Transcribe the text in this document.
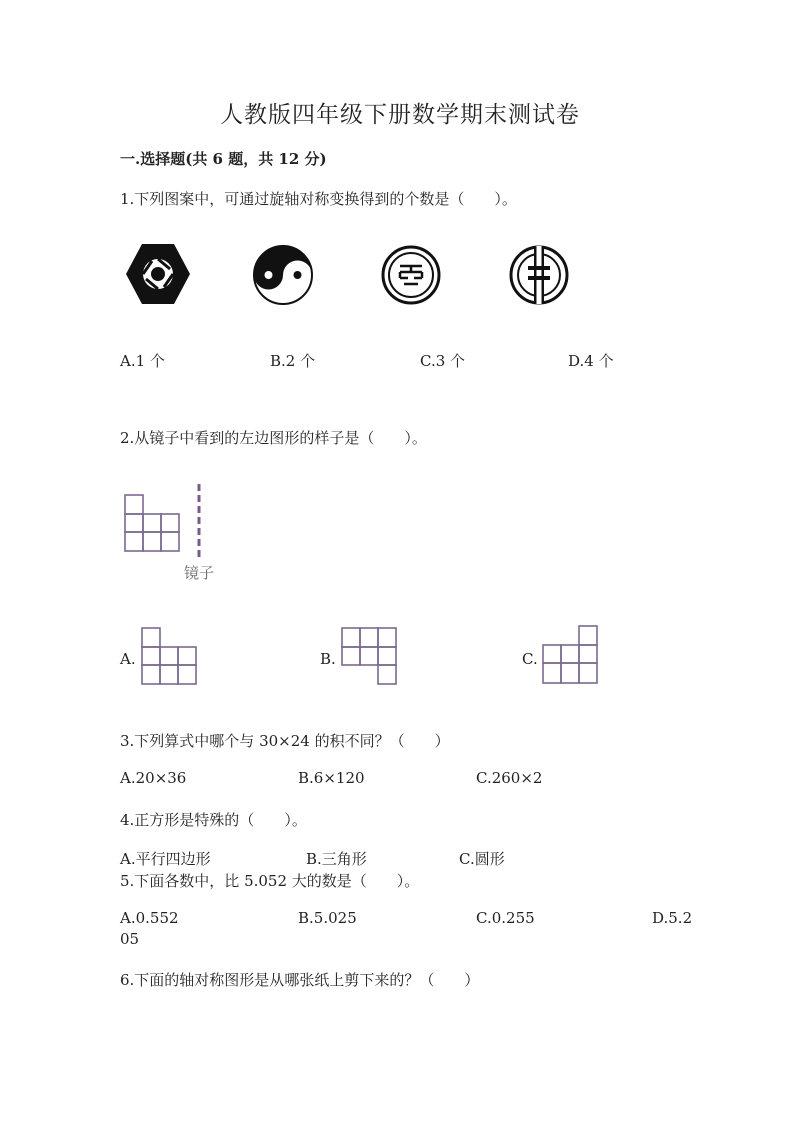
人教版四年级下册数学期末测试卷
一.选择题(共 6 题，共 12 分)
1.下列图案中，可通过旋轴对称变换得到的个数是（　　）。
A.1 个	B.2 个	C.3 个	D.4 个
2.从镜子中看到的左边图形的样子是（　　）。
镜子
A.	B.	C.
3.下列算式中哪个与 30×24 的积不同？（　　）
A.20×36	B.6×120	C.260×2
4.正方形是特殊的（　　）。
A.平行四边形	B.三角形	C.圆形
5.下面各数中，比 5.052 大的数是（　　）。
A.0.552	B.5.025	C.0.255	D.5.2
05
6.下面的轴对称图形是从哪张纸上剪下来的？（　　）
